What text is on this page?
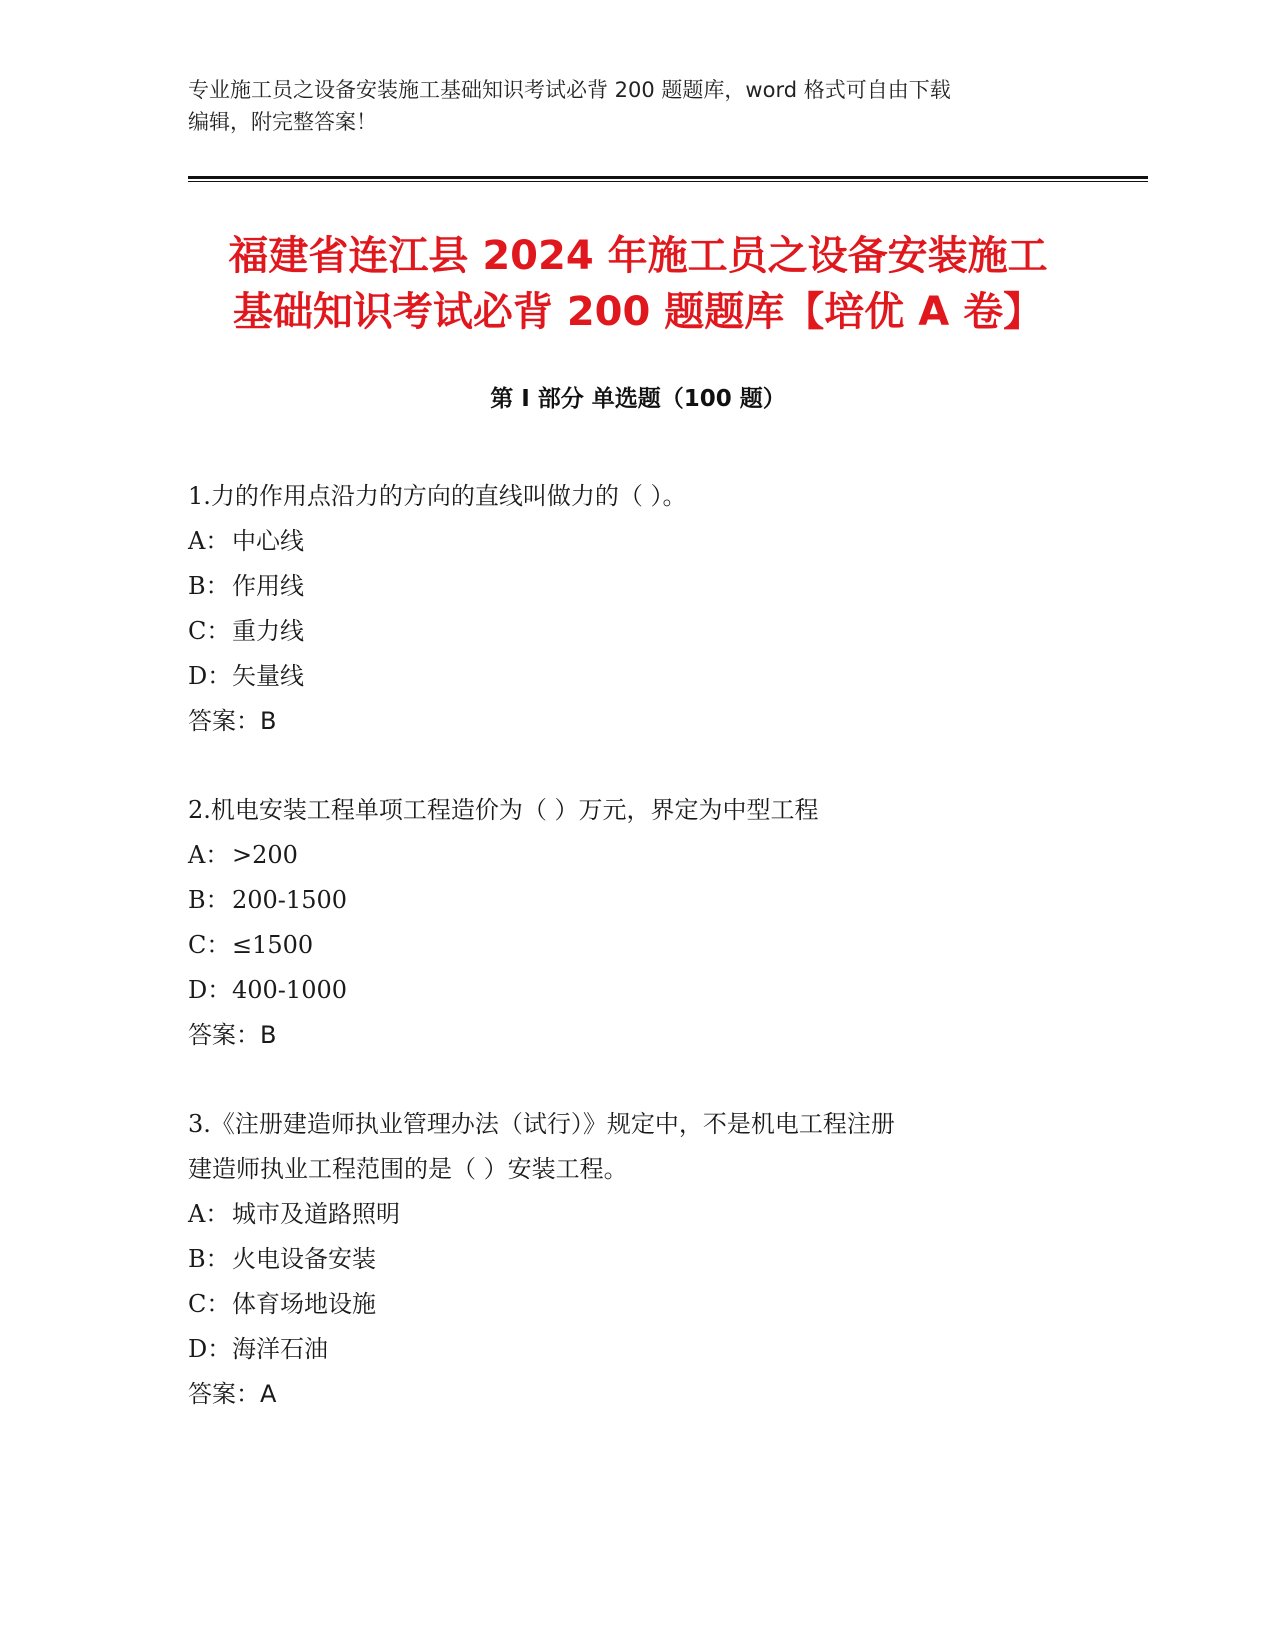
专业施工员之设备安装施工基础知识考试必背 200 题题库，word 格式可自由下载
编辑，附完整答案！
福建省连江县 2024 年施工员之设备安装施工
基础知识考试必背 200 题题库【培优 A 卷】
第 I 部分 单选题（100 题）
1.力的作用点沿力的方向的直线叫做力的（ ）。
A： 中心线
B：作用线
C：重力线
D：矢量线
答案：B
2.机电安装工程单项工程造价为（ ）万元，界定为中型工程
A： >200
B：200-1500
C：≤1500
D：400-1000
答案：B
3.《注册建造师执业管理办法（试行）》规定中，不是机电工程注册
建造师执业工程范围的是（ ）安装工程。
A： 城市及道路照明
B：火电设备安装
C：体育场地设施
D：海洋石油
答案：A
